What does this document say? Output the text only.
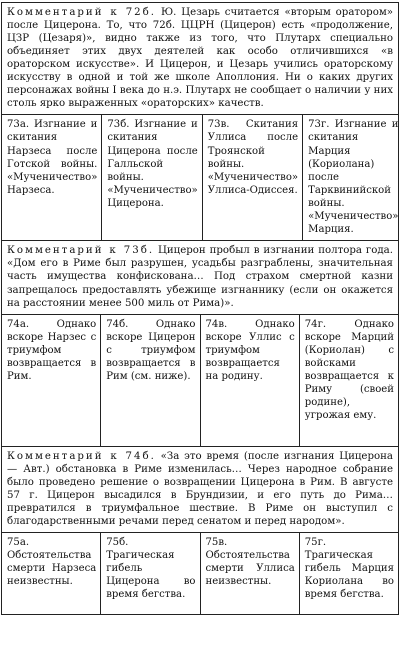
Комментарий к 72б. Ю. Цезарь считается «вторым оратором» после Цицерона. То, что 72б. ЦЦРН (Цицерон) есть «продолжение, ЦЗР (Цезаря)», видно также из того, что Плутарх специально объединяет этих двух деятелей как особо отличившихся «в ораторском искусстве». И Цицерон, и Цезарь учились ораторскому искусству в одной и той же школе Аполлония. Ни о каких других персонажах войны I века до н.э. Плутарх не сообщает о наличии у них столь ярко выраженных «ораторских» качеств.
73а. Изгнание и скитания Нарзеса после Готской войны. «Мученичество» Нарзеса.
73б. Изгнание и скитания Цицерона после Галльской войны. «Мученичество» Цицерона.
73в. Скитания Уллиса после Троянской войны. «Мученичество» Уллиса-Одиссея.
73г. Изгнание и скитания Марция (Кориолана) после Тарквинийской войны. «Мученичество» Марция.
Комментарий к 73б. Цицерон пробыл в изгнании полтора года. «Дом его в Риме был разрушен, усадьбы разграблены, значительная часть имущества конфискована… Под страхом смертной казни запрещалось предоставлять убежище изгнаннику (если он окажется на расстоянии менее 500 миль от Рима)».
74а. Однако вскоре Нарзес с триумфом возвращается в Рим.
74б. Однако вскоре Цицерон с триумфом возвращается в Рим (см. ниже).
74в. Однако вскоре Уллис с триумфом возвращается на родину.
74г. Однако вскоре Марций (Кориолан) с войсками возвращается к Риму (своей родине), угрожая ему.
Комментарий к 74б. «За это время (после изгнания Цицерона — Авт.) обстановка в Риме изменилась… Через народное собрание было проведено решение о возвращении Цицерона в Рим. В августе 57 г. Цицерон высадился в Брундизии, и его путь до Рима… превратился в триумфальное шествие. В Риме он выступил с благодарственными речами перед сенатом и перед народом».
75а. Обстоятельства смерти Нарзеса неизвестны.
75б. Трагическая гибель Цицерона во время бегства.
75в. Обстоятельства смерти Уллиса неизвестны.
75г. Трагическая гибель Марция Кориолана во время бегства.
